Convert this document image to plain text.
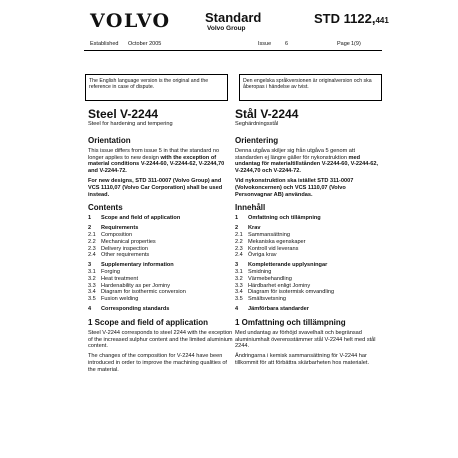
VOLVO	Standard
Volvo Group
STD 1122,441
Established October 2005	Issue	6	Page 1(9)
The English language version is the original and the reference in case of dispute.
Den engelska språkversionen är originalversion och ska åberopas i händelse av tvist.
Steel V-2244
Steel for hardening and tempering
Orientation

This issue differs from issue 5 in that the standard no longer applies to new design with the exception of material conditions V-2244-60, V-2244-62, V-2244,70 and V-2244-72.

For new designs, STD 311-0007 (Volvo Group) and VCS 1110,07 (Volvo Car Corporation) shall be used instead.

Contents
1	Scope and field of application
2	Requirements
2.1 Composition
2.2 Mechanical properties
2.3 Delivery inspection
2.4 Other requirements
3	Supplementary information
3.1 Forging
3.2 Heat treatment
3.3 Hardenability as per Jominy
3.4 Diagram for isothermic conversion
3.5 Fusion welding
4	Corresponding standards
1 Scope and field of application

Steel V-2244 corresponds to steel 2244 with the exception of the increased sulphur content and the limited aluminium content.

The changes of the composition for V-2244 have been introduced in order to improve the machining qualities of the material.

Stål V-2244
Seghärdningsstål
Orientering

Denna utgåva skiljer sig från utgåva 5 genom att standarden ej längre gäller för nykonstruktion med undantag för materialtillstånden V-2244-60, V-2244-62, V-2244,70 och V-2244-72.

Vid nykonstruktion ska istället STD 311-0007 (Volvokoncernen) och VCS 1110,07 (Volvo Personvagnar AB) användas.

Innehåll
1	Omfattning och tillämpning
2	Krav
2.1 Sammansättning
2.2 Mekaniska egenskaper
2.3 Kontroll vid leverans
2.4 Övriga krav
3	Kompletterande upplysningar
3.1 Smidning
3.2 Värmebehandling
3.3 Härdbarhet enligt Jominy
3.4 Diagram för isotermisk omvandling
3.5 Smältsvetsning
4	Jämförbara standarder
1 Omfattning och tillämpning

Med undantag av förhöjd svavelhalt och begränsad aluminiumhalt överensstämmer stål V-2244 helt med stål 2244.

Ändringarna i kemisk sammansättning för V-2244 har tillkommit för att förbättra skärbarheten hos materialet.
